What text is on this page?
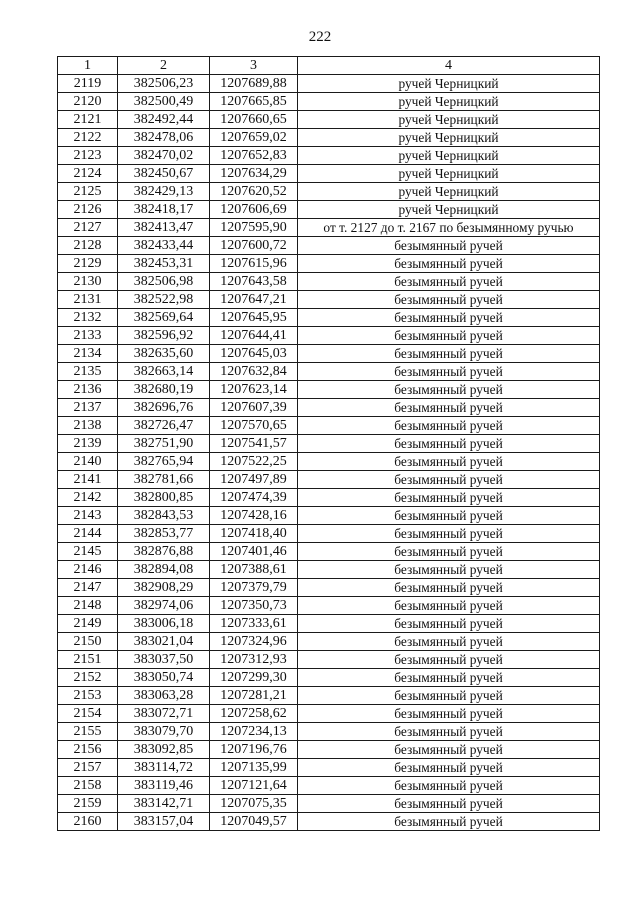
222
1	2	3	4
2119	382506,23	1207689,88	ручей Черницкий
2120	382500,49	1207665,85	ручей Черницкий
2121	382492,44	1207660,65	ручей Черницкий
2122	382478,06	1207659,02	ручей Черницкий
2123	382470,02	1207652,83	ручей Черницкий
2124	382450,67	1207634,29	ручей Черницкий
2125	382429,13	1207620,52	ручей Черницкий
2126	382418,17	1207606,69	ручей Черницкий
2127	382413,47	1207595,90	от т. 2127 до т. 2167 по безымянному ручью
2128	382433,44	1207600,72	безымянный ручей
2129	382453,31	1207615,96	безымянный ручей
2130	382506,98	1207643,58	безымянный ручей
2131	382522,98	1207647,21	безымянный ручей
2132	382569,64	1207645,95	безымянный ручей
2133	382596,92	1207644,41	безымянный ручей
2134	382635,60	1207645,03	безымянный ручей
2135	382663,14	1207632,84	безымянный ручей
2136	382680,19	1207623,14	безымянный ручей
2137	382696,76	1207607,39	безымянный ручей
2138	382726,47	1207570,65	безымянный ручей
2139	382751,90	1207541,57	безымянный ручей
2140	382765,94	1207522,25	безымянный ручей
2141	382781,66	1207497,89	безымянный ручей
2142	382800,85	1207474,39	безымянный ручей
2143	382843,53	1207428,16	безымянный ручей
2144	382853,77	1207418,40	безымянный ручей
2145	382876,88	1207401,46	безымянный ручей
2146	382894,08	1207388,61	безымянный ручей
2147	382908,29	1207379,79	безымянный ручей
2148	382974,06	1207350,73	безымянный ручей
2149	383006,18	1207333,61	безымянный ручей
2150	383021,04	1207324,96	безымянный ручей
2151	383037,50	1207312,93	безымянный ручей
2152	383050,74	1207299,30	безымянный ручей
2153	383063,28	1207281,21	безымянный ручей
2154	383072,71	1207258,62	безымянный ручей
2155	383079,70	1207234,13	безымянный ручей
2156	383092,85	1207196,76	безымянный ручей
2157	383114,72	1207135,99	безымянный ручей
2158	383119,46	1207121,64	безымянный ручей
2159	383142,71	1207075,35	безымянный ручей
2160	383157,04	1207049,57	безымянный ручей
